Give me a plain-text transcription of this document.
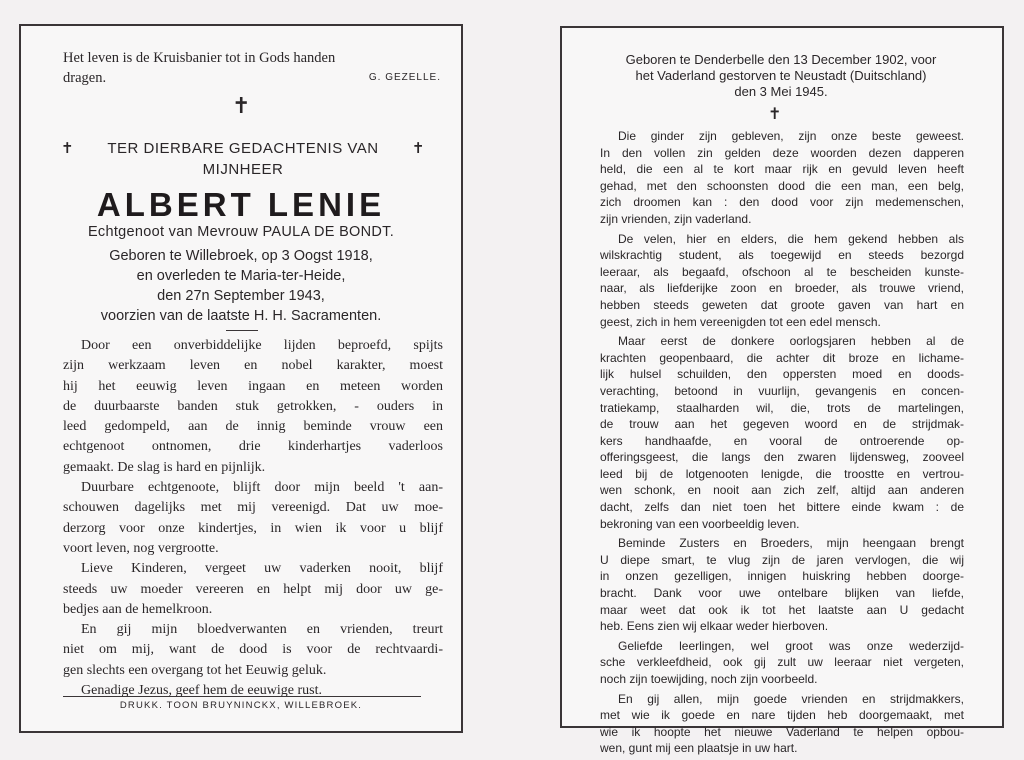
Het leven is de Kruisbanier tot in Gods handen
dragen.	G. GEZELLE.
✝
✝ TER DIERBARE GEDACHTENIS VAN ✝
MIJNHEER
ALBERT LENIE
Echtgenoot van Mevrouw PAULA DE BONDT.
Geboren te Willebroek, op 3 Oogst 1918,
en overleden te Maria-ter-Heide,
den 27n September 1943,
voorzien van de laatste H. H. Sacramenten.
Door een onverbiddelijke lijden beproefd, spijts
zijn werkzaam leven en nobel karakter, moest
hij het eeuwig leven ingaan en meteen worden
de duurbaarste banden stuk getrokken, - ouders in
leed gedompeld, aan de innig beminde vrouw een
echtgenoot ontnomen, drie kinderhartjes vaderloos
gemaakt. De slag is hard en pijnlijk.
Duurbare echtgenoote, blijft door mijn beeld 't aan-
schouwen dagelijks met mij vereenigd. Dat uw moe-
derzorg voor onze kindertjes, in wien ik voor u blijf
voort leven, nog vergrootte.
Lieve Kinderen, vergeet uw vaderken nooit, blijf
steeds uw moeder vereeren en helpt mij door uw ge-
bedjes aan de hemelkroon.
En gij mijn bloedverwanten en vrienden, treurt
niet om mij, want de dood is voor de rechtvaardi-
gen slechts een overgang tot het Eeuwig geluk.
Genadige Jezus, geef hem de eeuwige rust.
DRUKK. TOON BRUYNINCKX, WILLEBROEK.
Geboren te Denderbelle den 13 December 1902, voor
het Vaderland gestorven te Neustadt (Duitschland)
den 3 Mei 1945.
✝
Die ginder zijn gebleven, zijn onze beste geweest.
In den vollen zin gelden deze woorden dezen dapperen
held, die een al te kort maar rijk en gevuld leven heeft
gehad, met den schoonsten dood die een man, een belg,
zich droomen kan : den dood voor zijn medemenschen,
zijn vrienden, zijn vaderland.
De velen, hier en elders, die hem gekend hebben als
wilskrachtig student, als toegewijd en steeds bezorgd
leeraar, als begaafd, ofschoon al te bescheiden kunste-
naar, als liefderijke zoon en broeder, als trouwe vriend,
hebben steeds geweten dat groote gaven van hart en
geest, zich in hem vereenigden tot een edel mensch.
Maar eerst de donkere oorlogsjaren hebben al de
krachten geopenbaard, die achter dit broze en lichame-
lijk hulsel schuilden, den oppersten moed en doods-
verachting, betoond in vuurlijn, gevangenis en concen-
tratiekamp, staalharden wil, die, trots de martelingen,
de trouw aan het gegeven woord en de strijdmak-
kers handhaafde, en vooral de ontroerende op-
offeringsgeest, die langs den zwaren lijdensweg, zooveel
leed bij de lotgenooten lenigde, die troostte en vertrou-
wen schonk, en nooit aan zich zelf, altijd aan anderen
dacht, zelfs dan niet toen het bittere einde kwam : de
bekroning van een voorbeeldig leven.
Beminde Zusters en Broeders, mijn heengaan brengt
U diepe smart, te vlug zijn de jaren vervlogen, die wij
in onzen gezelligen, innigen huiskring hebben doorge-
bracht. Dank voor uwe ontelbare blijken van liefde,
maar weet dat ook ik tot het laatste aan U gedacht
heb. Eens zien wij elkaar weder hierboven.
Geliefde leerlingen, wel groot was onze wederzijd-
sche verkleefdheid, ook gij zult uw leeraar niet vergeten,
noch zijn toewijding, noch zijn voorbeeld.
En gij allen, mijn goede vrienden en strijdmakkers,
met wie ik goede en nare tijden heb doorgemaakt, met
wie ik hoopte het nieuwe Vaderland te helpen opbou-
wen, gunt mij een plaatsje in uw hart.
